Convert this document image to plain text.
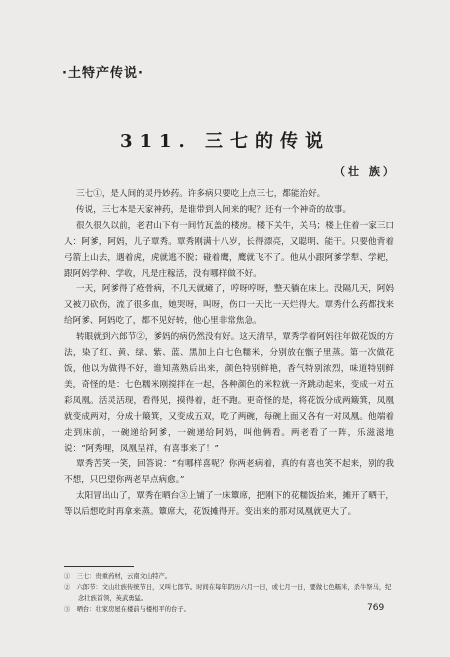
·土特产传说·
311. 三七的传说
（壮 族）

三七①，是人间的灵丹妙药。许多病只要吃上点三七，都能治好。

传说，三七本是天家神药，是谁带到人间来的呢？还有一个神奇的故事。

很久很久以前，老君山下有一间竹瓦盖的楼房。楼下关牛，关马；楼上住着一家三口人：阿爹，阿妈，儿子覃秀。覃秀刚满十八岁，长得漂亮，又聪明、能干。只要他背着弓箭上山去，遇着虎，虎就逃不脱；碰着鹰，鹰就飞不了。他从小跟阿爹学犁、学耙，跟阿妈学种、学收，凡是庄稼活，没有哪样做不好。

一天，阿爹得了疮骨病，不几天就瘫了，哼呀哼呀，整天躺在床上。没隔几天，阿妈又被刀砍伤，流了很多血，她哭呀，叫呀，伤口一天比一天烂得大。覃秀什么药都找来给阿爹、阿妈吃了，都不见好转，他心里非常焦急。

转眼就到六郎节②，爹妈的病仍然没有好。这天清早，覃秀学着阿妈往年做花饭的方法，染了红、黄、绿、紫、蓝、黑加上白七色糯米，分别放在甑子里蒸。第一次做花饭，他以为做得不好，谁知蒸熟后出来，颜色特别鲜艳，香气特别浓烈，味道特别鲜美，奇怪的是：七色糯米刚搅拌在一起，各种颜色的米粒就一齐跳动起来，变成一对五彩凤凰。活灵活现，看得见，摸得着，赶不跑。更奇怪的是，将花饭分成两簸箕，凤凰就变成两对，分成十簸箕，又变成五双，吃了两碗，每碗上面又各有一对凤凰。他端着走到床前，一碗递给阿爹，一碗递给阿妈，叫他俩看。两老看了一阵，乐滋滋地说：“阿秀哩，凤凰呈祥，有喜事来了！”

覃秀苦笑一笑，回答说：“有哪样喜呢？你两老病着，真的有喜也笑不起来，别的我不想，只巴望你两老早点病愈。”

太阳冒出山了，覃秀在晒台③上铺了一床簟席，把刚下的花糯饭抬来，摊开了晒干，等以后想吃时再拿来蒸。簟席大，花饭摊得开。变出来的那对凤凰就更大了。

①　三七：贵重药材，云南文山特产。
②　六郎节：文山壮族传统节日，又叫七郎节。时间在每年阴历六月一日，或七月一日，要做七色糯米，杀牛祭马，纪念壮族首领，英武勇猛。
③　晒台：壮家房屋在楼前与楼相平的台子。	769
